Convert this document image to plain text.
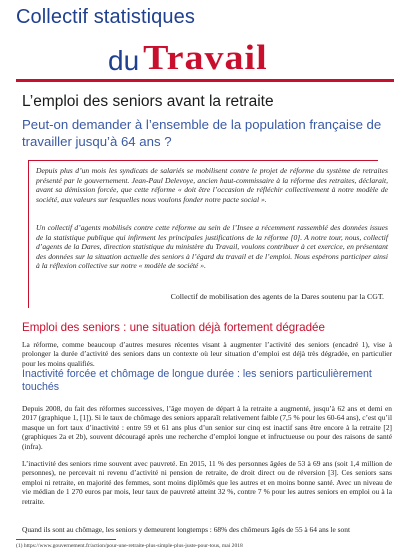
Collectif statistiques
du Travail
L’emploi des seniors avant la retraite
Peut-on demander à l’ensemble de la population française de travailler jusqu’à 64 ans ?

Depuis plus d’un mois les syndicats de salariés se mobilisent contre le projet de réforme du système de retraites présenté par le gouvernement. Jean-Paul Delevoye, ancien haut-commissaire à la réforme des retraites, déclarait, avant sa démission forcée, que cette réforme « doit être l’occasion de réfléchir collectivement à notre modèle de société, aux valeurs sur lesquelles nous voulons fonder notre pacte social ».

Un collectif d’agents mobilisés contre cette réforme au sein de l’Insee a récemment rassemblé des données issues de la statistique publique qui infirment les principales justifications de la réforme [0]. A notre tour, nous, collectif d’agents de la Dares, direction statistique du ministère du Travail, voulons contribuer à cet exercice, en présentant des données sur la situation actuelle des seniors à l’égard du travail et de l’emploi. Nous espérons participer ainsi à la réflexion collective sur notre « modèle de société ».

Collectif de mobilisation des agents de la Dares soutenu par la CGT.
Emploi des seniors : une situation déjà fortement dégradée

La réforme, comme beaucoup d’autres mesures récentes visant à augmenter l’activité des seniors (encadré 1), vise à prolonger la durée d’activité des seniors dans un contexte où leur situation d’emploi est déjà très dégradée, en particulier pour les moins qualifiés.

Inactivité forcée et chômage de longue durée : les seniors particulièrement touchés

Depuis 2008, du fait des réformes successives, l’âge moyen de départ à la retraite a augmenté, jusqu’à 62 ans et demi en 2017 (graphique 1, [1]). Si le taux de chômage des seniors apparaît relativement faible (7,5 % pour les 60-64 ans), c’est qu’il masque un fort taux d’inactivité : entre 59 et 61 ans plus d’un senior sur cinq est inactif sans être encore à la retraite [2] (graphiques 2a et 2b), souvent découragé après une recherche d’emploi longue et infructueuse ou pour des raisons de santé (infra).

L’inactivité des seniors rime souvent avec pauvreté. En 2015, 11 % des personnes âgées de 53 à 69 ans (soit 1,4 million de personnes), ne percevait ni revenu d’activité ni pension de retraite, de droit direct ou de réversion [3]. Ces seniors sans emploi ni retraite, en majorité des femmes, sont moins diplômés que les autres et en moins bonne santé. Avec un niveau de vie médian de 1 270 euros par mois, leur taux de pauvreté atteint 32 %, contre 7 % pour les autres seniors en emploi ou à la retraite.

Quand ils sont au chômage, les seniors y demeurent longtemps : 68% des chômeurs âgés de 55 à 64 ans le sont

(1) https://www.gouvernement.fr/action/pour-une-retraite-plus-simple-plus-juste-pour-tous, mai 2018
